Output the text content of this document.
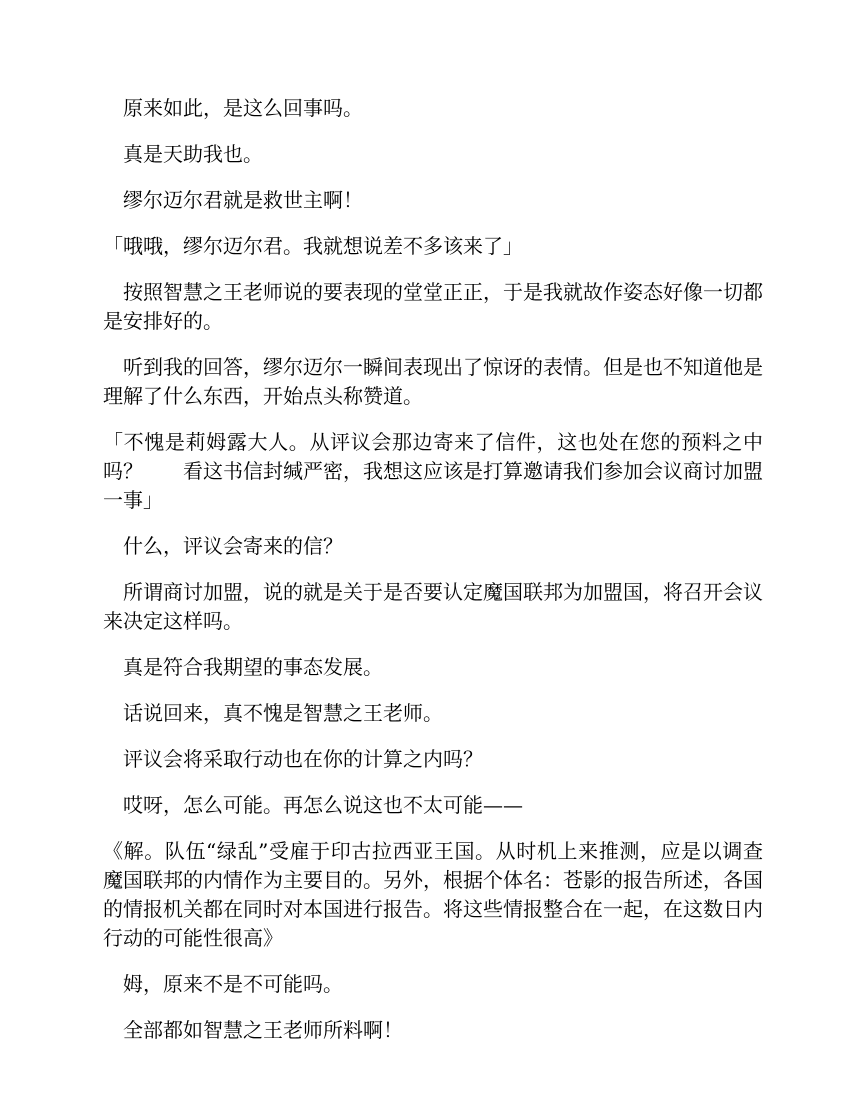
原来如此，是这么回事吗。

真是天助我也。

缪尔迈尔君就是救世主啊！

「哦哦，缪尔迈尔君。我就想说差不多该来了」

按照智慧之王老师说的要表现的堂堂正正，于是我就故作姿态好像一切都是安排好的。

听到我的回答，缪尔迈尔一瞬间表现出了惊讶的表情。但是也不知道他是理解了什么东西，开始点头称赞道。

「不愧是莉姆露大人。从评议会那边寄来了信件，这也处在您的预料之中吗？　　看这书信封缄严密，我想这应该是打算邀请我们参加会议商讨加盟一事」

什么，评议会寄来的信？

所谓商讨加盟，说的就是关于是否要认定魔国联邦为加盟国，将召开会议来决定这样吗。

真是符合我期望的事态发展。

话说回来，真不愧是智慧之王老师。

评议会将采取行动也在你的计算之内吗？

哎呀，怎么可能。再怎么说这也不太可能——

《解。队伍“绿乱”受雇于印古拉西亚王国。从时机上来推测，应是以调查魔国联邦的内情作为主要目的。另外，根据个体名：苍影的报告所述，各国的情报机关都在同时对本国进行报告。将这些情报整合在一起，在这数日内行动的可能性很高》

姆，原来不是不可能吗。

全部都如智慧之王老师所料啊！
